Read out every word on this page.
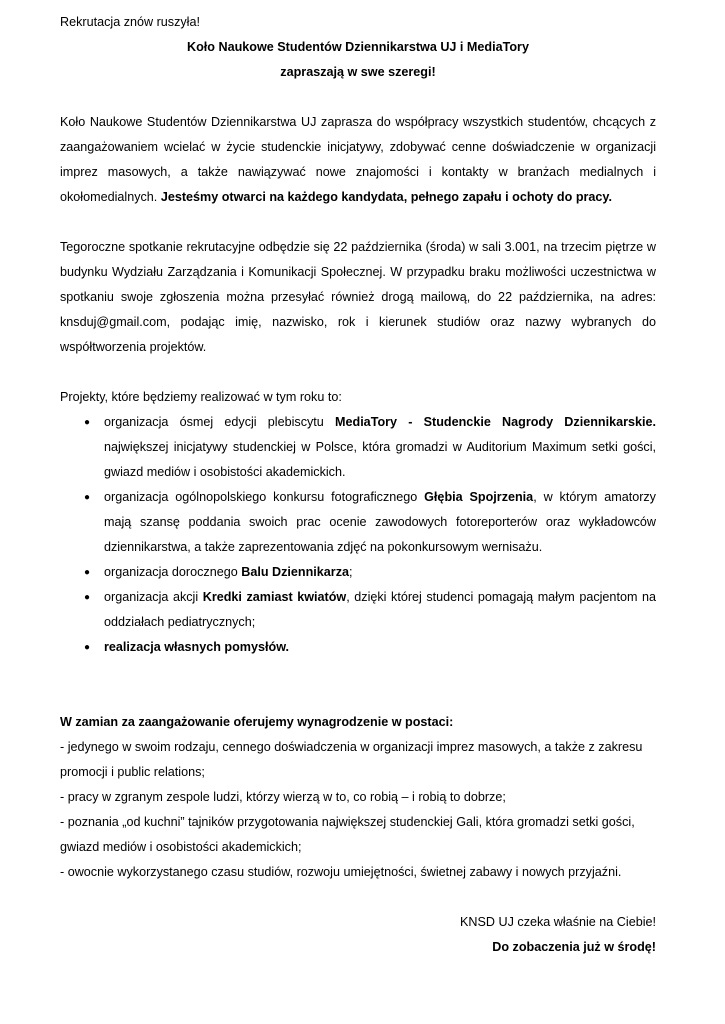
Rekrutacja znów ruszyła!

Koło Naukowe Studentów Dziennikarstwa UJ i MediaTory

zapraszają w swe szeregi!

Koło Naukowe Studentów Dziennikarstwa UJ zaprasza do współpracy wszystkich studentów, chcących z zaangażowaniem wcielać w życie studenckie inicjatywy, zdobywać cenne doświadczenie w organizacji imprez masowych, a także nawiązywać nowe znajomości i kontakty w branżach medialnych i okołomedialnych. Jesteśmy otwarci na każdego kandydata, pełnego zapału i ochoty do pracy.

Tegoroczne spotkanie rekrutacyjne odbędzie się 22 października (środa) w sali 3.001, na trzecim piętrze w budynku Wydziału Zarządzania i Komunikacji Społecznej. W przypadku braku możliwości uczestnictwa w spotkaniu swoje zgłoszenia można przesyłać również drogą mailową, do 22 października, na adres: knsduj@gmail.com, podając imię, nazwisko, rok i kierunek studiów oraz nazwy wybranych do współtworzenia projektów.

Projekty, które będziemy realizować w tym roku to:

● organizacja ósmej edycji plebiscytu MediaTory - Studenckie Nagrody Dziennikarskie. największej inicjatywy studenckiej w Polsce, która gromadzi w Auditorium Maximum setki gości, gwiazd mediów i osobistości akademickich.
● organizacja ogólnopolskiego konkursu fotograficznego Głębia Spojrzenia, w którym amatorzy mają szansę poddania swoich prac ocenie zawodowych fotoreporterów oraz wykładowców dziennikarstwa, a także zaprezentowania zdjęć na pokonkursowym wernisażu.
● organizacja dorocznego Balu Dziennikarza;
● organizacja akcji Kredki zamiast kwiatów, dzięki której studenci pomagają małym pacjentom na oddziałach pediatrycznych;
● realizacja własnych pomysłów.

W zamian za zaangażowanie oferujemy wynagrodzenie w postaci:

- jedynego w swoim rodzaju, cennego doświadczenia w organizacji imprez masowych, a także z zakresu promocji i public relations;

- pracy w zgranym zespole ludzi, którzy wierzą w to, co robią – i robią to dobrze;

- poznania „od kuchni” tajników przygotowania największej studenckiej Gali, która gromadzi setki gości, gwiazd mediów i osobistości akademickich;

- owocnie wykorzystanego czasu studiów, rozwoju umiejętności, świetnej zabawy i nowych przyjaźni.

KNSD UJ czeka właśnie na Ciebie!

Do zobaczenia już w środę!
